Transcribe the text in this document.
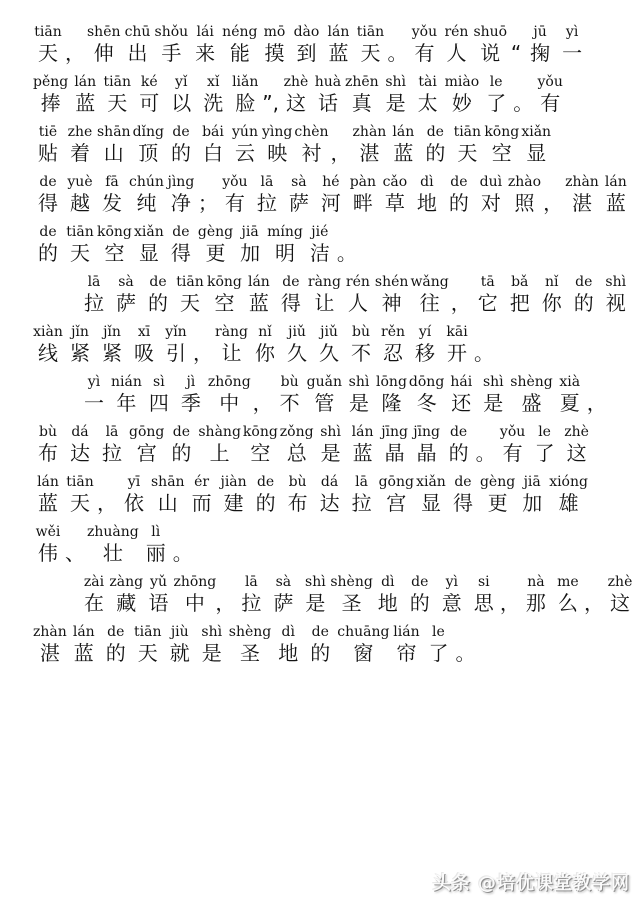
tiān
天
，
shēn
伸
chū
出
shǒu
手
lái
来
néng
能
mō
摸
dào
到
lán
蓝
tiān
天
。
yǒu
有
rén
人
shuō
说
“
jū
掬
yì
一
pěng
捧
lán
蓝
tiān
天
ké
可
yǐ
以
xǐ
洗
liǎn
脸
”,
zhè
这
huà
话
zhēn
真
shì
是
tài
太
miào
妙
le
了
。
yǒu
有
tiē
贴
zhe
着
shān
山
dǐng
顶
de
的
bái
白
yún
云
yìng
映
chèn
衬
，
zhàn
湛
lán
蓝
de
的
tiān
天
kōng
空
xiǎn
显
de
得
yuè
越
fā
发
chún
纯
jìng
净
；
yǒu
有
lā
拉
sà
萨
hé
河
pàn
畔
cǎo
草
dì
地
de
的
duì
对
zhào
照
，
zhàn
湛
lán
蓝
de
的
tiān
天
kōng
空
xiǎn
显
de
得
gèng
更
jiā
加
míng
明
jié
洁
。
lā
拉
sà
萨
de
的
tiān
天
kōng
空
lán
蓝
de
得
ràng
让
rén
人
shén
神
wǎng
往
，
tā
它
bǎ
把
nǐ
你
de
的
shì
视
xiàn
线
jǐn
紧
jǐn
紧
xī
吸
yǐn
引
，
ràng
让
nǐ
你
jiǔ
久
jiǔ
久
bù
不
rěn
忍
yí
移
kāi
开
。
yì
一
nián
年
sì
四
jì
季
zhōng
中
，
bù
不
guǎn
管
shì
是
lōng
隆
dōng
冬
hái
还
shì
是
shèng
盛
xià
夏
，
bù
布
dá
达
lā
拉
gōng
宫
de
的
shàng
上
kōng
空
zǒng
总
shì
是
lán
蓝
jīng
晶
jīng
晶
de
的
。
yǒu
有
le
了
zhè
这
lán
蓝
tiān
天
，
yī
依
shān
山
ér
而
jiàn
建
de
的
bù
布
dá
达
lā
拉
gōng
宫
xiǎn
显
de
得
gèng
更
jiā
加
xióng
雄
wěi
伟
、
zhuàng
壮
lì
丽
。
zài
在
zàng
藏
yǔ
语
zhōng
中
，
lā
拉
sà
萨
shì
是
shèng
圣
dì
地
de
的
yì
意
si
思
，
nà
那
me
么
，
zhè
这
zhàn
湛
lán
蓝
de
的
tiān
天
jiù
就
shì
是
shèng
圣
dì
地
de
的
chuāng
窗
lián
帘
le
了
。
头条 @培优课堂教学网
